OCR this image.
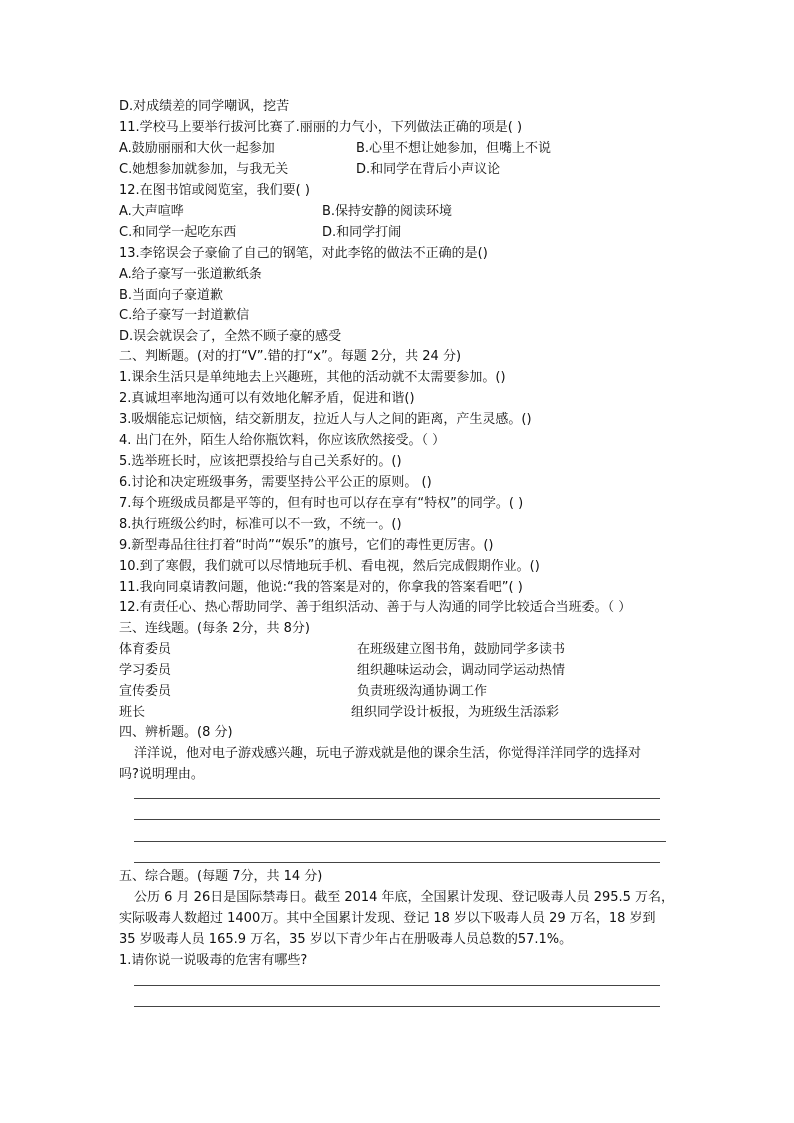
D.对成绩差的同学嘲讽，挖苦
11.学校马上要举行拔河比赛了.丽丽的力气小，下列做法正确的项是( )
A.鼓励丽丽和大伙一起参加	B.心里不想让她参加，但嘴上不说
C.她想参加就参加，与我无关	D.和同学在背后小声议论
12.在图书馆或阅览室，我们要( )
A.大声喧哗	B.保持安静的阅读环境
C.和同学一起吃东西	D.和同学打闹
13.李铭误会子豪偷了自己的钢笔，对此李铭的做法不正确的是()
A.给子豪写一张道歉纸条
B.当面向子豪道歉
C.给子豪写一封道歉信
D.误会就误会了，全然不顾子豪的感受
二、判断题。(对的打“V”.错的打“x”。每题 2分，共 24 分)
1.课余生活只是单纯地去上兴趣班，其他的活动就不太需要参加。()
2.真诚坦率地沟通可以有效地化解矛盾，促进和谐()
3.吸烟能忘记烦恼，结交新朋友，拉近人与人之间的距离，产生灵感。()
4. 出门在外，陌生人给你瓶饮料，你应该欣然接受。（ ）
5.选举班长时，应该把票投给与自己关系好的。()
6.讨论和决定班级事务，需要坚持公平公正的原则。 ()
7.每个班级成员都是平等的，但有时也可以存在享有“特权”的同学。( )
8.执行班级公约时，标准可以不一致，不统一。()
9.新型毒品往往打着“时尚”“娱乐”的旗号，它们的毒性更厉害。()
10.到了寒假，我们就可以尽情地玩手机、看电视，然后完成假期作业。()
11.我向同桌请教问题，他说:“我的答案是对的，你拿我的答案看吧”( )
12.有责任心、热心帮助同学、善于组织活动、善于与人沟通的同学比较适合当班委。（ ）
三、连线题。(每条 2分，共 8分)
体育委员	在班级建立图书角，鼓励同学多读书
学习委员	组织趣味运动会，调动同学运动热情
宣传委员	负责班级沟通协调工作
班长	组织同学设计板报，为班级生活添彩
四、辨析题。(8 分)
洋洋说，他对电子游戏感兴趣，玩电子游戏就是他的课余生活，你觉得洋洋同学的选择对
吗?说明理由。
五、综合题。(每题 7分，共 14 分)
公历 6 月 26日是国际禁毒日。截至 2014 年底，全国累计发现、登记吸毒人员 295.5 万名，
实际吸毒人数超过 1400万。其中全国累计发现、登记 18 岁以下吸毒人员 29 万名，18 岁到
35 岁吸毒人员 165.9 万名，35 岁以下青少年占在册吸毒人员总数的57.1%。
1.请你说一说吸毒的危害有哪些?
